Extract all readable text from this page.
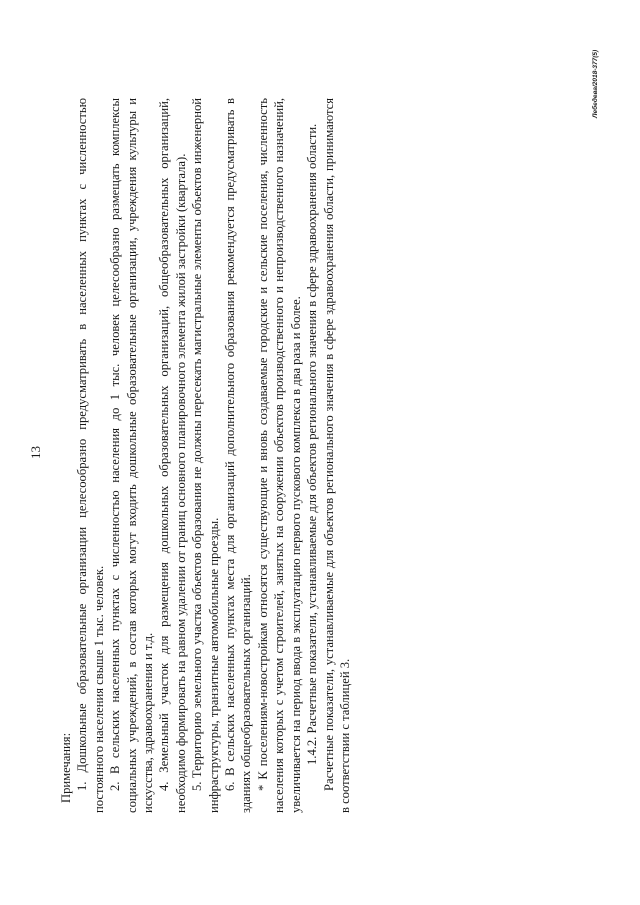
13

Примечания: 1. Дошкольные образовательные организации целесообразно предусматривать в населенных пунктах с численностью постоянного населения свыше 1 тыс. человек. 2. В сельских населенных пунктах с численностью населения до 1 тыс. человек целесообразно размещать комплексы социальных учреждений, в состав которых могут входить дошкольные образовательные организации, учреждения культуры и искусства, здравоохранения и т.д. 4. Земельный участок для размещения дошкольных образовательных организаций, общеобразовательных организаций, необходимо формировать на равном удалении от границ основного планировочного элемента жилой застройки (квартала). 5. Территорию земельного участка объектов образования не должны пересекать магистральные элементы объектов инженерной инфраструктуры, транзитные автомобильные проезды. 6. В сельских населенных пунктах места для организаций дополнительного образования рекомендуется предусматривать в зданиях общеобразовательных организаций. * К поселениям-новостройкам относятся существующие и вновь создаваемые городские и сельские поселения, численность населения которых с учетом строителей, занятых на сооружении объектов производственного и непроизводственного назначений, увеличивается на период ввода в эксплуатацию первого пускового комплекса в два раза и более. 1.4.2. Расчетные показатели, устанавливаемые для объектов регионального значения в сфере здравоохранения области. Расчетные показатели, устанавливаемые для объектов регионального значения в сфере здравоохранения области, принимаются в соответствии с таблицей 3.

Лебедева/2018-377(5)
